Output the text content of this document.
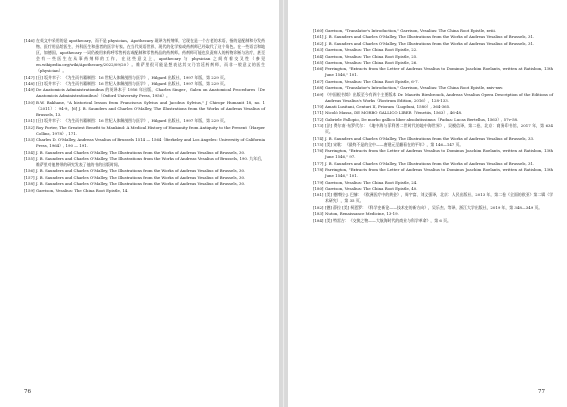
[146] 在英文中采用的是 apothecary，而不是 physician。Apothecary 現译为药剂师，它现在是一个古老的术语，指的是配制和分发药物、医疗用品给医生、外科医生和患者的医学专家。在当代英语世界，现代的化学家或药剂师已经取代了这个角色。在一些语言和地区，如德国，apothecary 一词仍被用来称呼零售药店或配制和零售药品的药剂师。药剂师可能也负责病人的药物诊断与治疗，甚至会有一些医生在从事药剂师的工作，在这些意义上，apothecary 与 physician 之间有着交叉性（参见 en.wikipedia.org/wiki/Apothecary/2022/09/20）。维萨里很可能是想表达其父乃宫廷药剂师，而非一般意义的医生（physician）。
[147] [日] 坂井幸子：《为生而书籍制图：16 世纪人体解剖图与医学》，Hilgard 出版社，1997 年版，第 229 页。
[148] [日] 坂井幸子：《为生而书籍制图：16 世纪人体解剖图与医学》，Hilgard 出版社，1997 年版，第 229 页。
[149] De Anatomicis Administrationibus 的英译本于 1956 年出版，Charles Singer，Galen on Anatomical Procedures（De Anatomicis Administrationibus）（Oxford University Press, 1956）。
[150] B.W. Bakhane, "A historical lesson from Franciscus Sylvius and Jacobus Sylvius," J Chiropr Humanit 18, no. 1（2011）：94-9。[6] J. B. Saunders and Charles O'Malley, The Illustrations from the Works of Andreas Vesalius of Brussels, 13.
[151] [日] 坂井幸子：《为生而书籍制图：16 世纪人体解剖图与医学》，Hilgard 出版社，1997 年版，第 229 页。
[152] Roy Porter, The Greatest Benefit to Mankind: A Medical History of Humanity from Antiquity to the Present（Harper Collins, 1978）, 171.
[153] Charles D. O'Malley, Andreas Vesalius of Brussels 1514 — 1564（Berkeley and Los Angeles: University of California Press, 1964）, 190 — 191.
[154] J. B. Saunders and Charles O'Malley, The Illustrations from the Works of Andreas Vesalius of Brussels, 30.
[155] J. B. Saunders and Charles O'Malley, The Illustrations from the Works of Andreas Vesalius of Brussels, 190. 九年后，维萨里对他曾带的研究发表了他的书的出版时间。
[156] J. B. Saunders and Charles O'Malley, The Illustrations from the Works of Andreas Vesalius of Brussels, 30.
[157] J. B. Saunders and Charles O'Malley, The Illustrations from the Works of Andreas Vesalius of Brussels, 30.
[158] J. B. Saunders and Charles O'Malley, The Illustrations from the Works of Andreas Vesalius of Brussels, 30.
[159] Garrison, Vesalius: The China Root Epistle, 14.
76
[160] Garrison, "Translator's Introduction," Garrison, Vesalius: The China Root Epistle, xviii.
[161] J. B. Saunders and Charles O'Malley, The Illustrations from the Works of Andreas Vesalius of Brussels, 31.
[162] J. B. Saunders and Charles O'Malley, The Illustrations from the Works of Andreas Vesalius of Brussels, 31.
[163] Garrison, Vesalius: The China Root Epistle, 22.
[164] Garrison, Vesalius: The China Root Epistle, 25.
[165] Garrison, Vesalius: The China Root Epistle, 26.
[166] Ferrington, "Extracts from the Letter of Andreas Vesalius to Dominus Joachim Roelants, written at Ratisbon, 13th June 1546," 101.
[167] Garrison, Vesalius: The China Root Epistle, 6-7.
[168] Garrison, "Translator's Introduction," Garrison, Vesalius: The China Root Epistle, xxiv-xxv.
[169] 《中国根书简》出版至今有四个主要版本 Dr. Maurits Biesbrouck, Andreas Vesalius Opera Description of the Editions of Andreas Vesalius's Works（Rostrum Edition, 2016），128-133.
[170] Amati Lusitani, Centuri II, Prioram（Lugduni, 1580）, 364-365.
[171] Nicolò Massa, DE MORBO GALLICO LIBER（Venetiis, 1563）, 46-48.
[172] Gabriele Fallopio, De morbo gallico liber absolutissimus（Padua: Lucas Bertellus, 1563）, 57v-58.
[173] [法] 费尔南·布罗代尔：《地中海与菲利普二世时代的地中海世界》，吴模信译，第二卷，北京：商务印书馆，2017 年，第 634 页。
[174] J. B. Saunders and Charles O'Malley, The Illustrations from the Works of Andreas Vesalius of Brussels, 33.
[175] [美] 宋歌：《最终不是的全中——唐建元至翻看在的平年》，第 146—147 页。
[176] Farrington, "Extracts from the Letter of Andreas Vesalius to Dominus Joachim Roelants, written at Ratisbon, 13th June 1546," 97.
[177] J. B. Saunders and Charles O'Malley, The Illustrations from the Works of Andreas Vesalius of Brussels, 31.
[178] Farrington, "Extracts from the Letter of Andreas Vesalius to Dominus Joachim Roelants, written at Ratisbon, 13th June 1546," 101.
[179] Garrison, Vesalius: The China Root Epistle, 24.
[180] Garrison, Vesalius: The China Root Epistle, 40.
[181] [美] 德博拉·J. 巴赫：《欧洲医疗中的黄金》，周宇富、刘义强译，北京：人民出版社，2013 年，第二卷《全面的欧亚》第二辑（学术研究），第 35 页。
[182] [德] 薛拉 [美] 柯恩罗：《科学史新论——技术史的新方向》，吴乐杰、等译，浙江大学出版社，2019 年，第 348—349 页。
[183] Nuton, Renaissance Medicine, 13-19.
[184] [美] 特雷吉：《交换之物——大航海时代的商业与科学革命》，第 6 页。
77
